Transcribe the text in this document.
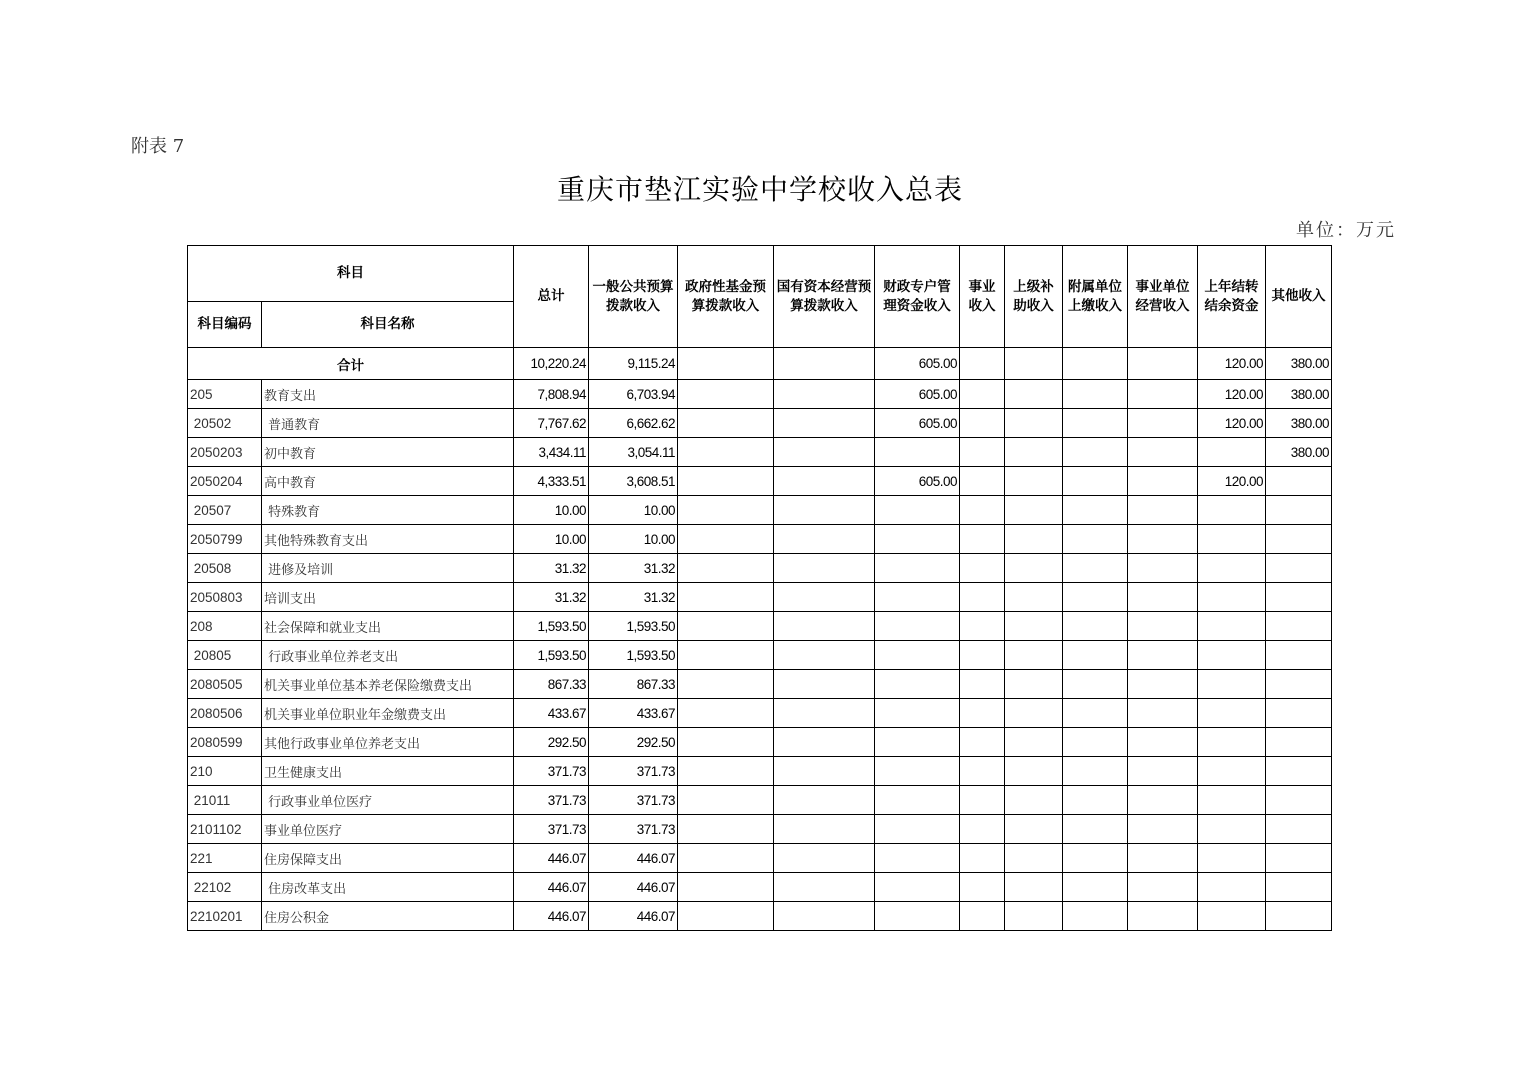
附表 7
重庆市垫江实验中学校收入总表
单位：万元
科目		总计	一般公共预算拨款收入	政府性基金预算拨款收入	国有资本经营预算拨款收入	财政专户管理资金收入	事业收入	上级补助收入	附属单位上缴收入	事业单位经营收入	上年结转结余资金	其他收入
科目编码	科目名称											
合计		10,220.24	9,115.24			605.00					120.00	380.00
205	教育支出	7,808.94	6,703.94			605.00					120.00	380.00
20502	普通教育	7,767.62	6,662.62			605.00					120.00	380.00
2050203	初中教育	3,434.11	3,054.11									380.00
2050204	高中教育	4,333.51	3,608.51			605.00					120.00	
20507	特殊教育	10.00	10.00									
2050799	其他特殊教育支出	10.00	10.00									
20508	进修及培训	31.32	31.32									
2050803	培训支出	31.32	31.32									
208	社会保障和就业支出	1,593.50	1,593.50									
20805	行政事业单位养老支出	1,593.50	1,593.50									
2080505	机关事业单位基本养老保险缴费支出	867.33	867.33									
2080506	机关事业单位职业年金缴费支出	433.67	433.67									
2080599	其他行政事业单位养老支出	292.50	292.50									
210	卫生健康支出	371.73	371.73									
21011	行政事业单位医疗	371.73	371.73									
2101102	事业单位医疗	371.73	371.73									
221	住房保障支出	446.07	446.07									
22102	住房改革支出	446.07	446.07									
2210201	住房公积金	446.07	446.07									
